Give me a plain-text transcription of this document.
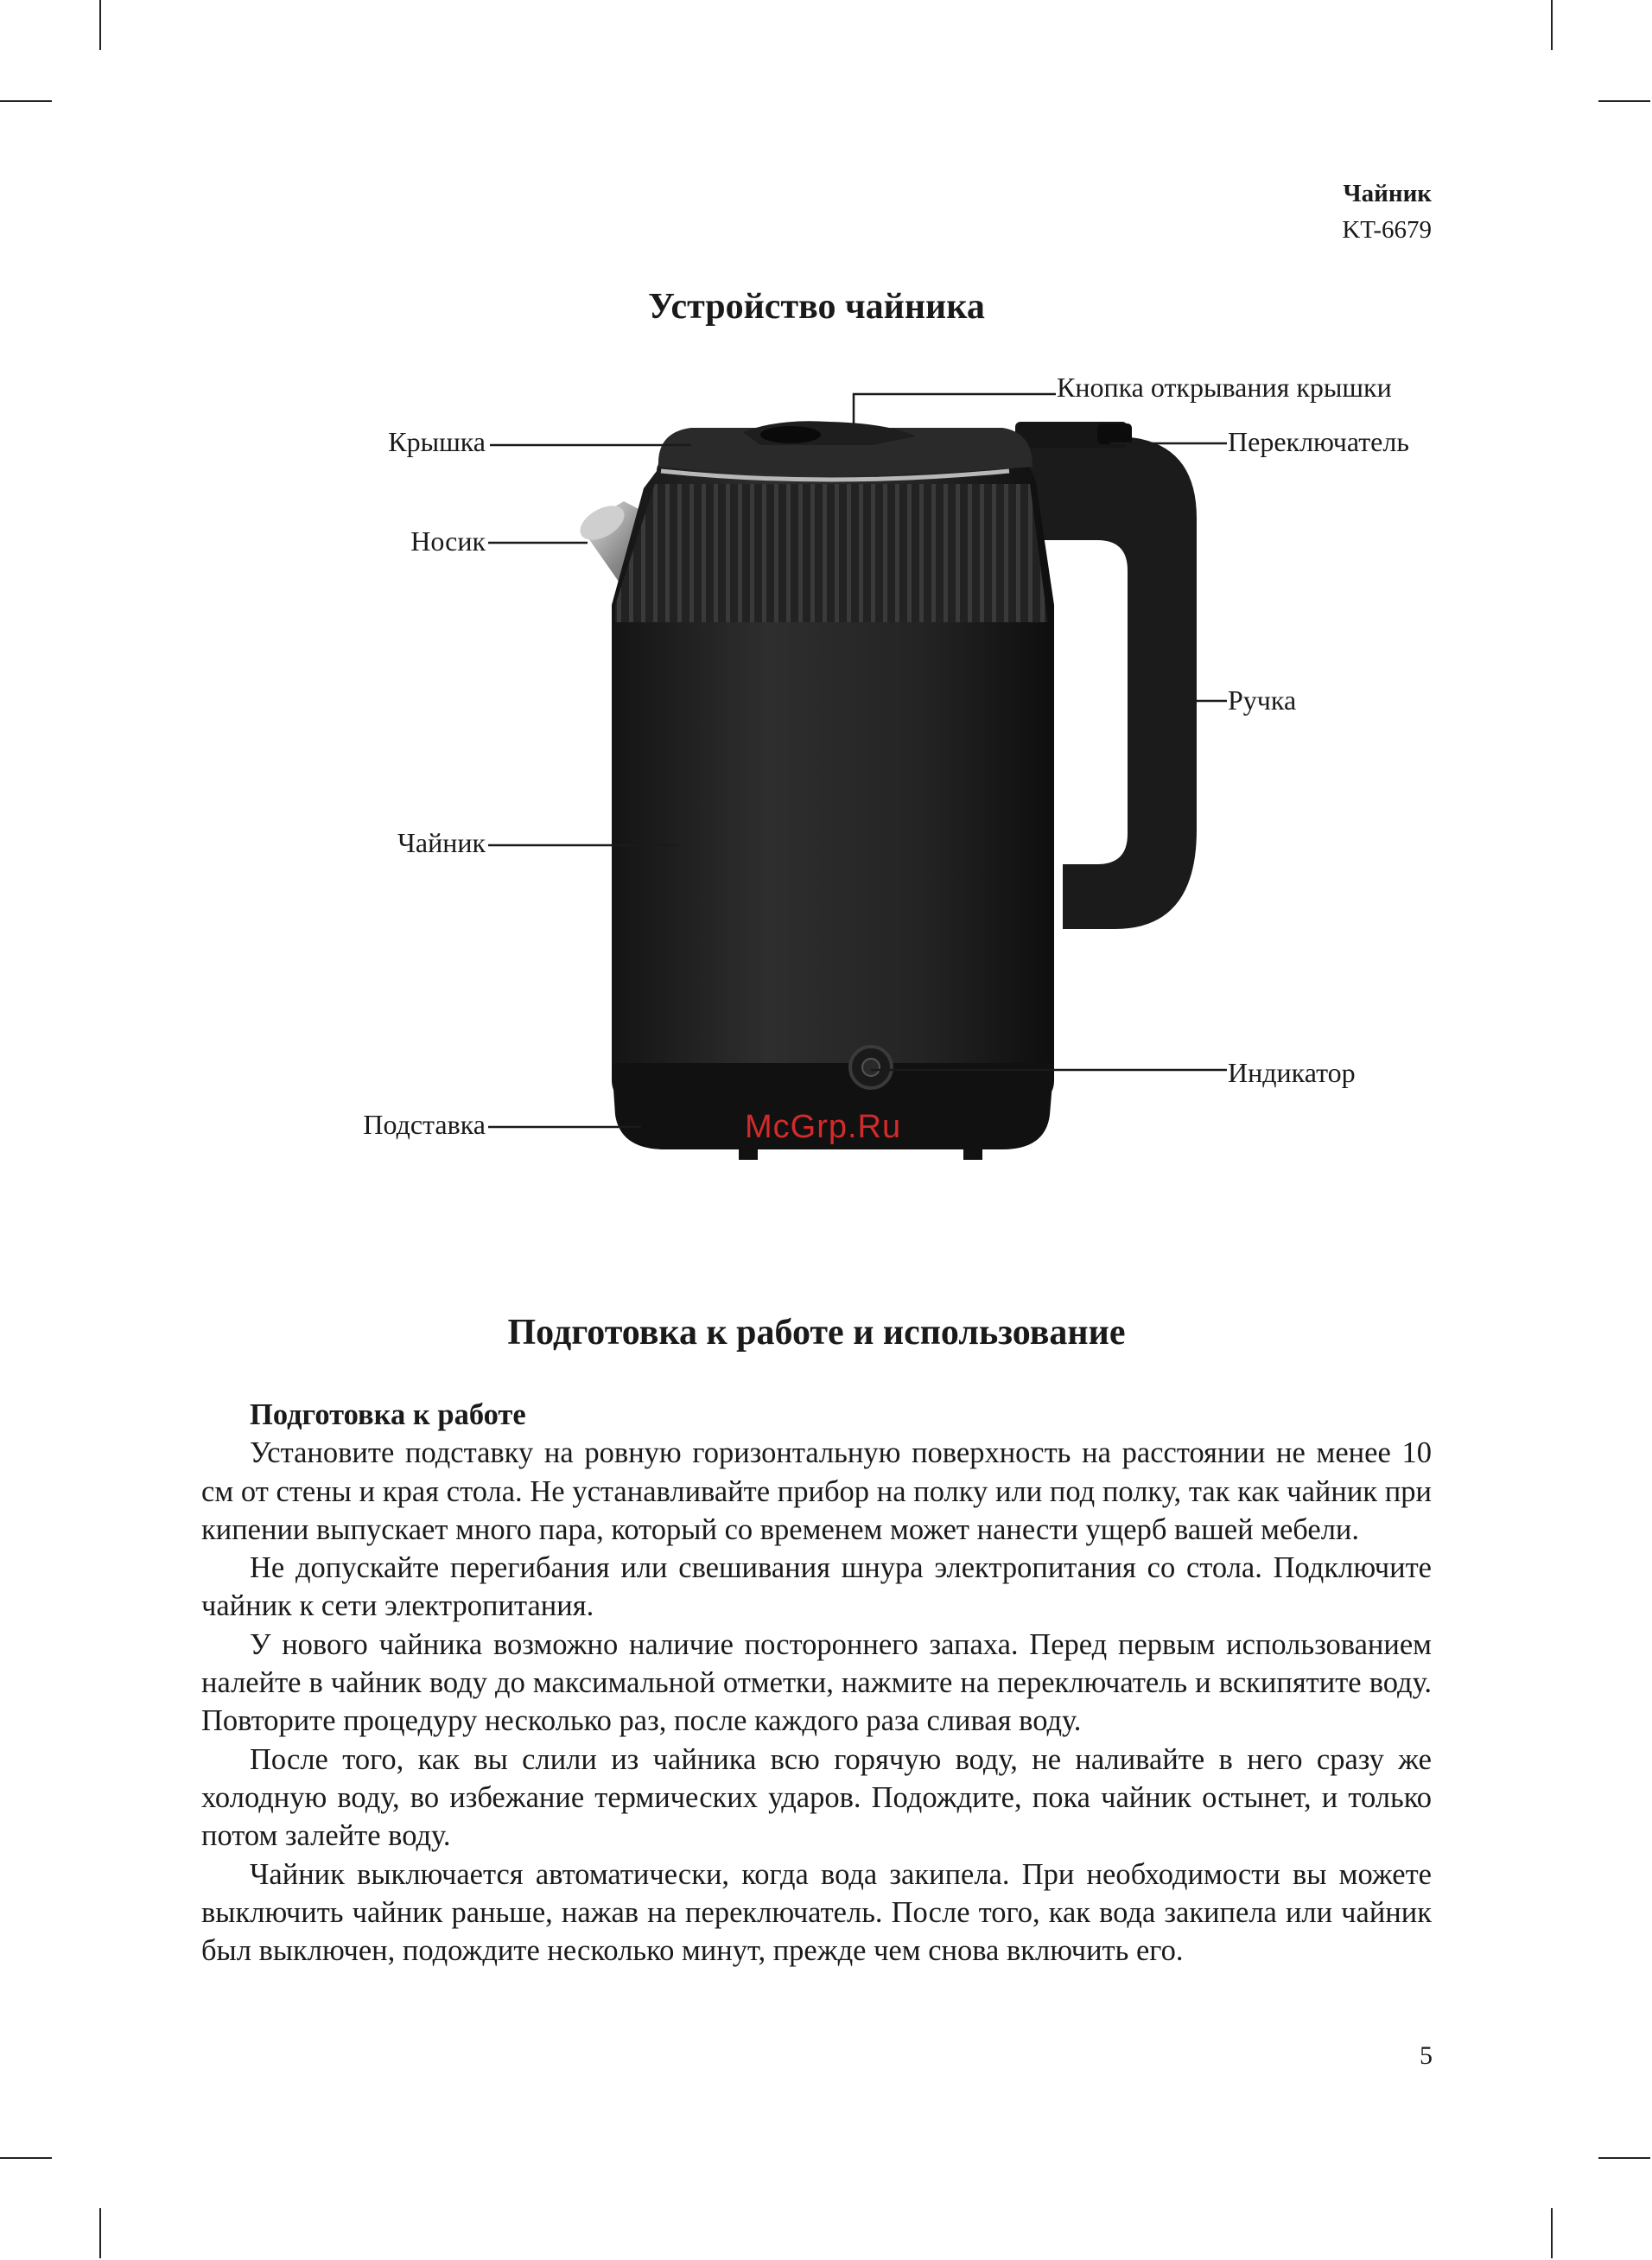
Чайник
KT-6679
Устройство чайника
Кнопка открывания крышки
Крышка	Переключатель
Носик
Ручка
Чайник
Индикатор
Подставка	McGrp.Ru
Подготовка к работе и использование
Подготовка к работе

Установите подставку на ровную горизонтальную поверхность на расстоянии не менее 10 см от стены и края стола. Не устанавливайте прибор на полку или под полку, так как чайник при кипении выпускает много пара, который со временем может нанести ущерб вашей мебели.

Не допускайте перегибания или свешивания шнура электропитания со стола. Подключите чайник к сети электропитания.

У нового чайника возможно наличие постороннего запаха. Перед первым использованием налейте в чайник воду до максимальной отметки, нажмите на переключатель и вскипятите воду. Повторите процедуру несколько раз, после каждого раза сливая воду.

После того, как вы слили из чайника всю горячую воду, не наливайте в него сразу же холодную воду, во избежание термических ударов. Подождите, пока чайник остынет, и только потом залейте воду.

Чайник выключается автоматически, когда вода закипела. При необходимости вы можете выключить чайник раньше, нажав на переключатель. После того, как вода закипела или чайник был выключен, подождите несколько минут, прежде чем снова включить его.

5
